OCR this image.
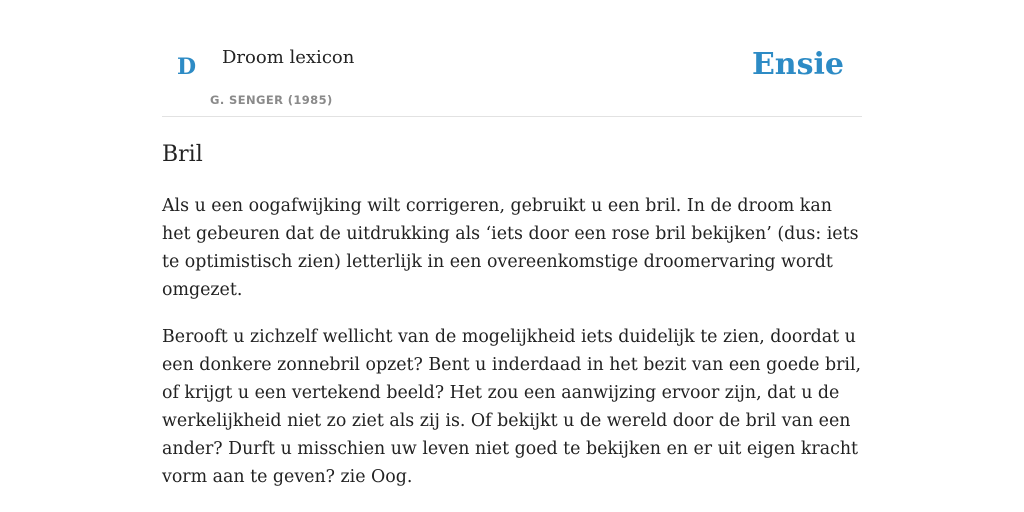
D Droom lexicon
G. SENGER (1985)
Ensie
Bril

Als u een oogafwijking wilt corrigeren, gebruikt u een bril. In de droom kan het gebeuren dat de uitdrukking als ‘iets door een rose bril bekijken’ (dus: iets te optimistisch zien) letterlijk in een overeenkomstige droomervaring wordt omgezet.

Berooft u zichzelf wellicht van de mogelijkheid iets duidelijk te zien, doordat u een donkere zonnebril opzet? Bent u inderdaad in het bezit van een goede bril, of krijgt u een vertekend beeld? Het zou een aanwijzing ervoor zijn, dat u de werkelijkheid niet zo ziet als zij is. Of bekijkt u de wereld door de bril van een ander? Durft u misschien uw leven niet goed te bekijken en er uit eigen kracht vorm aan te geven? zie Oog.
